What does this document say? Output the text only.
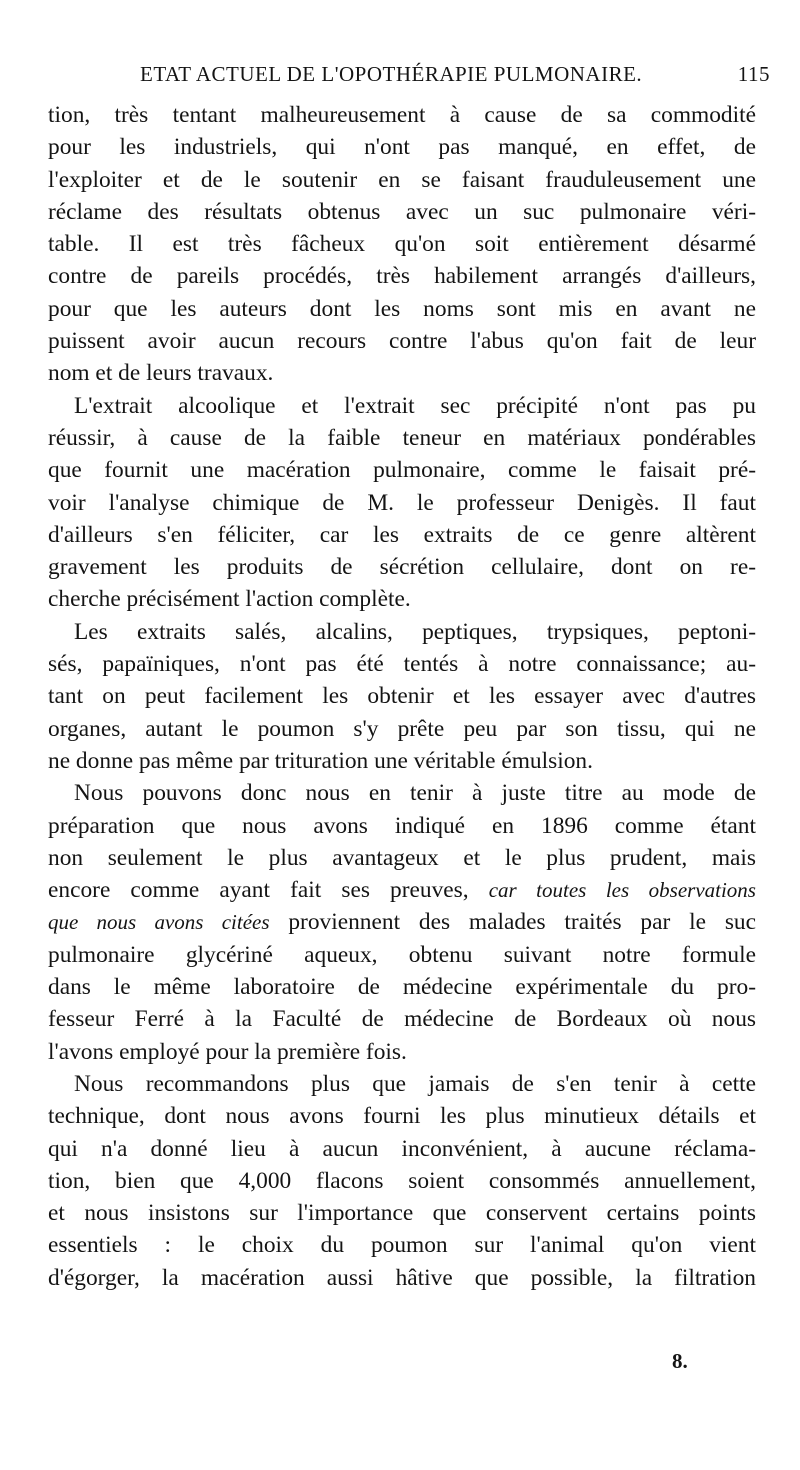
ETAT ACTUEL DE L'OPOTHÉRAPIE PULMONAIRE.	115
tion, très tentant malheureusement à cause de sa commodité
pour les industriels, qui n'ont pas manqué, en effet, de
l'exploiter et de le soutenir en se faisant frauduleusement une
réclame des résultats obtenus avec un suc pulmonaire véri-
table. Il est très fâcheux qu'on soit entièrement désarmé
contre de pareils procédés, très habilement arrangés d'ailleurs,
pour que les auteurs dont les noms sont mis en avant ne
puissent avoir aucun recours contre l'abus qu'on fait de leur
nom et de leurs travaux.
L'extrait alcoolique et l'extrait sec précipité n'ont pas pu
réussir, à cause de la faible teneur en matériaux pondérables
que fournit une macération pulmonaire, comme le faisait pré-
voir l'analyse chimique de M. le professeur Denigès. Il faut
d'ailleurs s'en féliciter, car les extraits de ce genre altèrent
gravement les produits de sécrétion cellulaire, dont on re-
cherche précisément l'action complète.
Les extraits salés, alcalins, peptiques, trypsiques, peptoni-
sés, papaïniques, n'ont pas été tentés à notre connaissance; au-
tant on peut facilement les obtenir et les essayer avec d'autres
organes, autant le poumon s'y prête peu par son tissu, qui ne
ne donne pas même par trituration une véritable émulsion.
Nous pouvons donc nous en tenir à juste titre au mode de
préparation que nous avons indiqué en 1896 comme étant
non seulement le plus avantageux et le plus prudent, mais
encore comme ayant fait ses preuves, car toutes les observations
que nous avons citées proviennent des malades traités par le suc
pulmonaire glycériné aqueux, obtenu suivant notre formule
dans le même laboratoire de médecine expérimentale du pro-
fesseur Ferré à la Faculté de médecine de Bordeaux où nous
l'avons employé pour la première fois.
Nous recommandons plus que jamais de s'en tenir à cette
technique, dont nous avons fourni les plus minutieux détails et
qui n'a donné lieu à aucun inconvénient, à aucune réclama-
tion, bien que 4,000 flacons soient consommés annuellement,
et nous insistons sur l'importance que conservent certains points
essentiels : le choix du poumon sur l'animal qu'on vient
d'égorger, la macération aussi hâtive que possible, la filtration
8.
